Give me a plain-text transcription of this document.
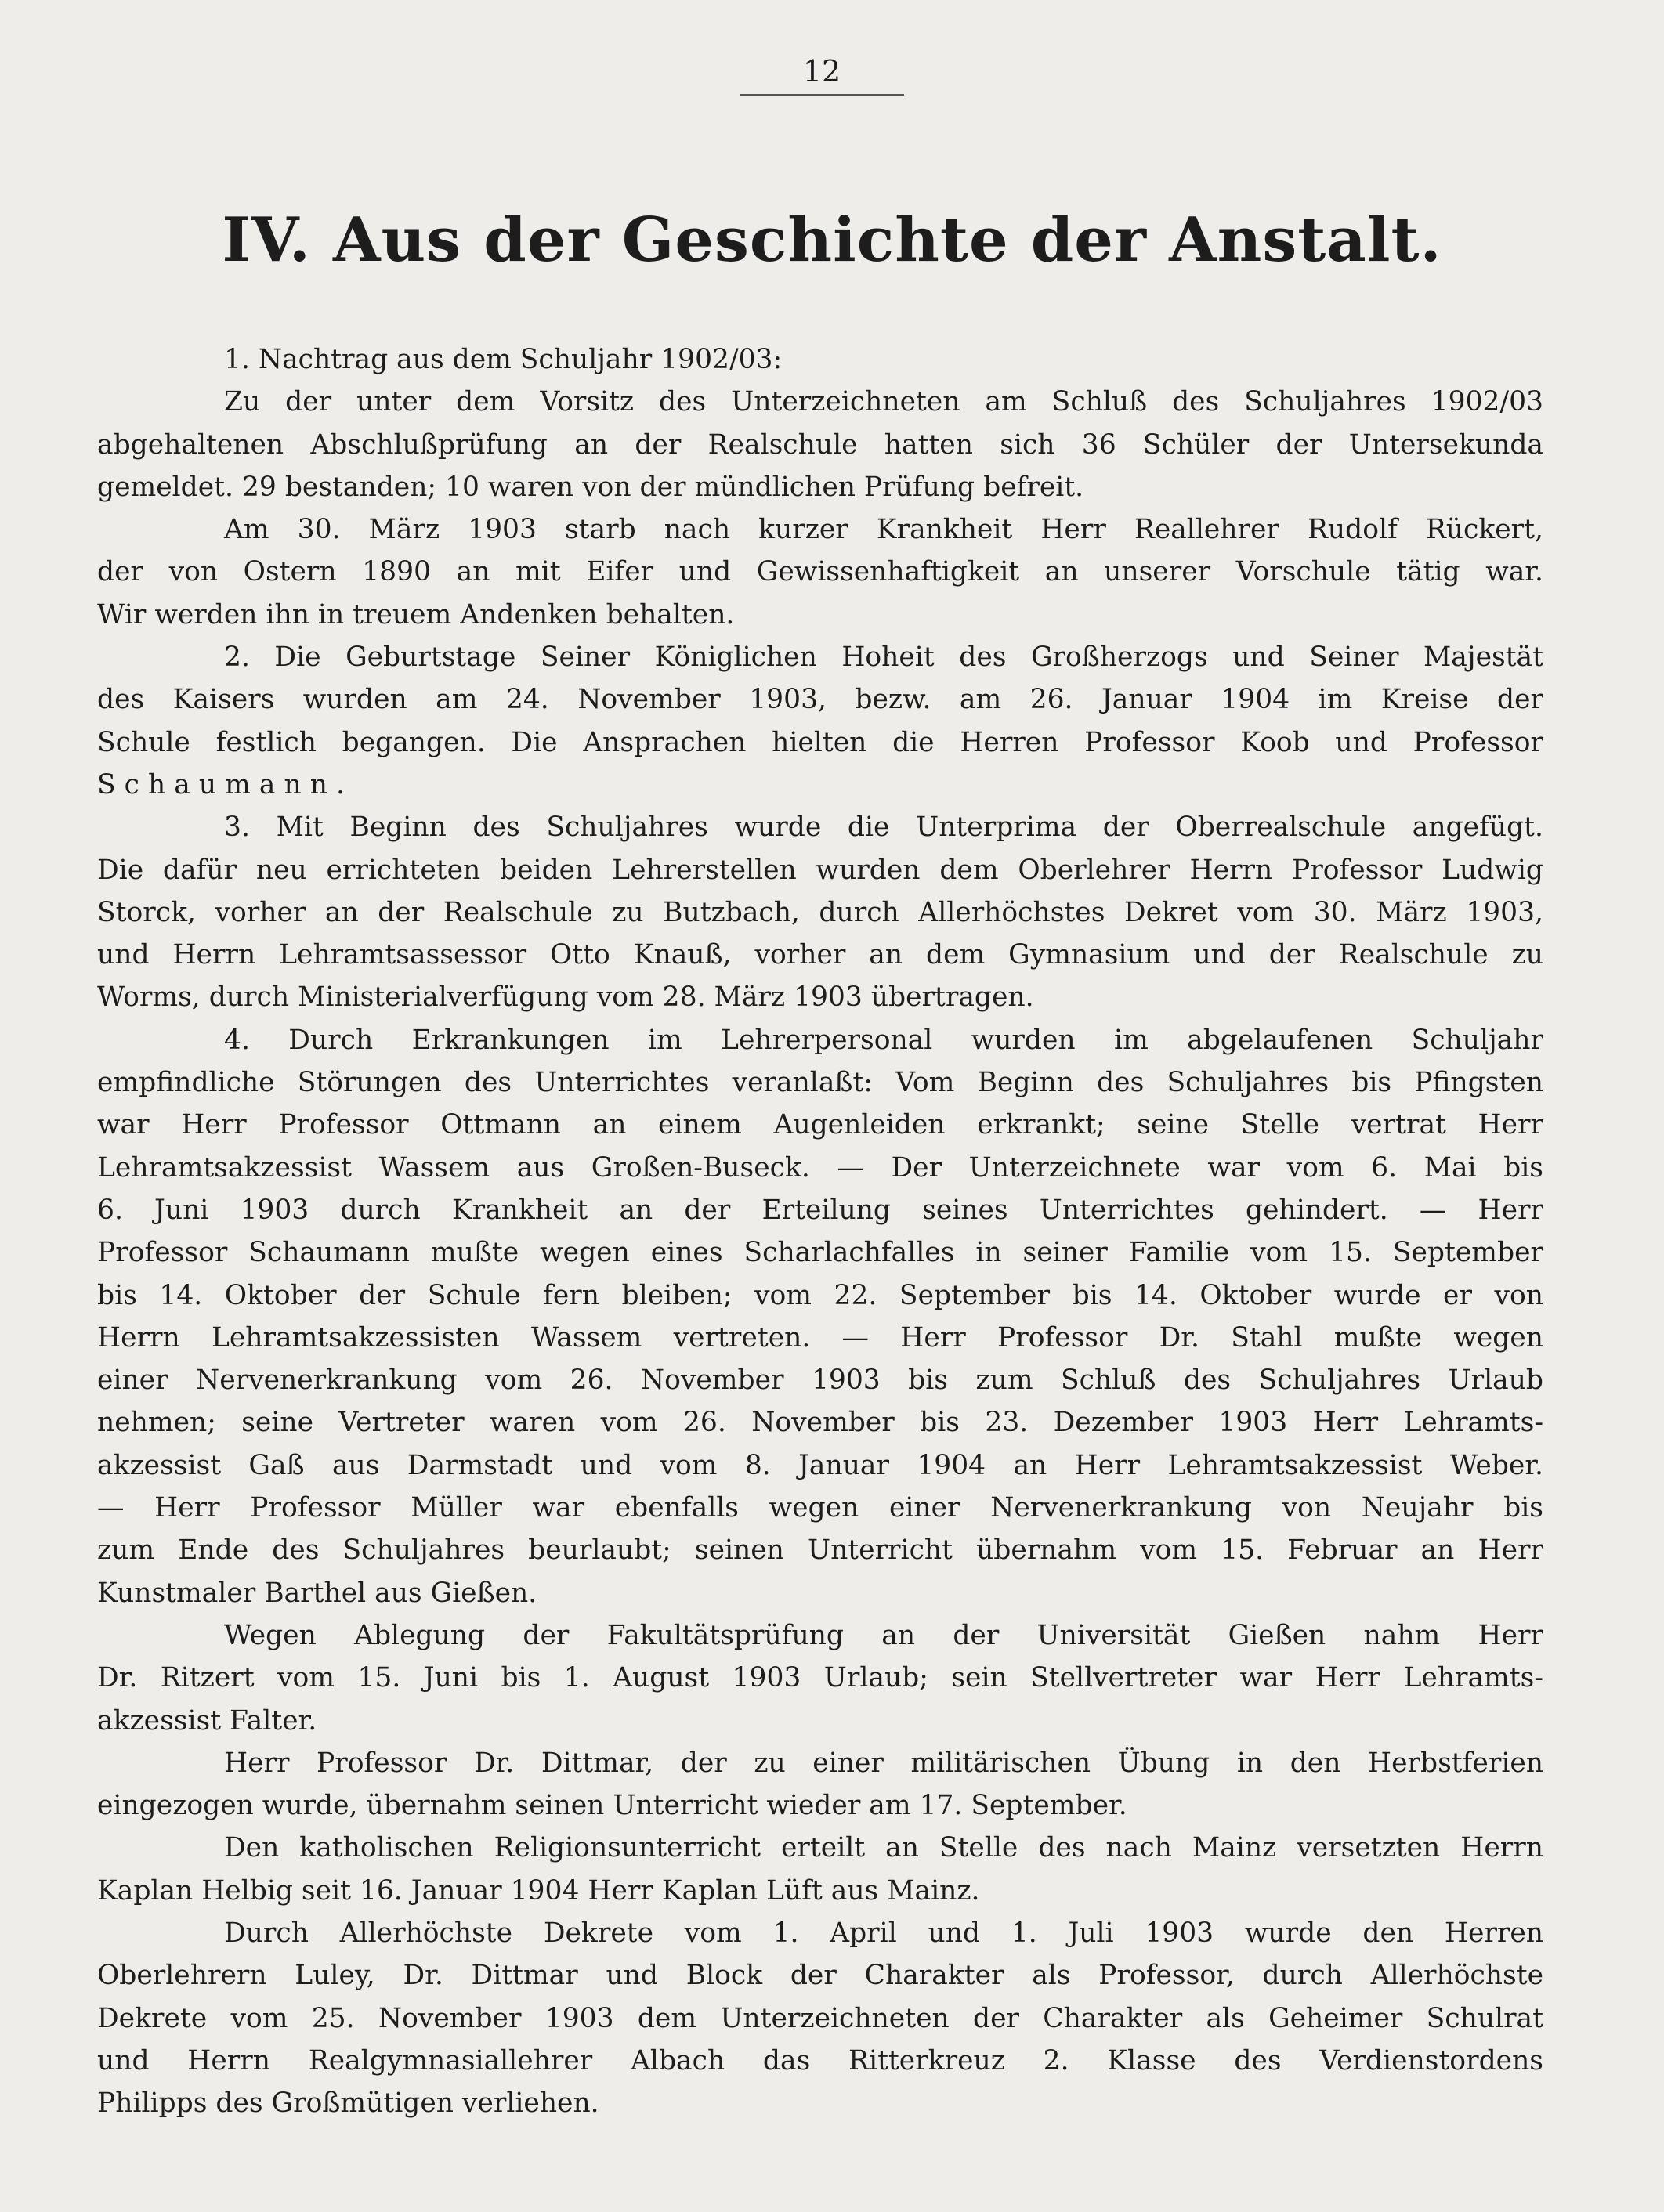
12
IV. Aus der Geschichte der Anstalt.

1. Nachtrag aus dem Schuljahr 1902/03:

Zu der unter dem Vorsitz des Unterzeichneten am Schluß des Schuljahres 1902/03

abgehaltenen Abschlußprüfung an der Realschule hatten sich 36 Schüler der Untersekunda

gemeldet. 29 bestanden; 10 waren von der mündlichen Prüfung befreit.

Am 30. März 1903 starb nach kurzer Krankheit Herr Reallehrer Rudolf Rückert,

der von Ostern 1890 an mit Eifer und Gewissenhaftigkeit an unserer Vorschule tätig war.

Wir werden ihn in treuem Andenken behalten.

2. Die Geburtstage Seiner Königlichen Hoheit des Großherzogs und Seiner Majestät

des Kaisers wurden am 24. November 1903, bezw. am 26. Januar 1904 im Kreise der

Schule festlich begangen. Die Ansprachen hielten die Herren Professor Koob und Professor

Schaumann.

3. Mit Beginn des Schuljahres wurde die Unterprima der Oberrealschule angefügt.

Die dafür neu errichteten beiden Lehrerstellen wurden dem Oberlehrer Herrn Professor Ludwig

Storck, vorher an der Realschule zu Butzbach, durch Allerhöchstes Dekret vom 30. März 1903,

und Herrn Lehramtsassessor Otto Knauß, vorher an dem Gymnasium und der Realschule zu

Worms, durch Ministerialverfügung vom 28. März 1903 übertragen.

4. Durch Erkrankungen im Lehrerpersonal wurden im abgelaufenen Schuljahr

empfindliche Störungen des Unterrichtes veranlaßt: Vom Beginn des Schuljahres bis Pfingsten

war Herr Professor Ottmann an einem Augenleiden erkrankt; seine Stelle vertrat Herr

Lehramtsakzessist Wassem aus Großen-Buseck. — Der Unterzeichnete war vom 6. Mai bis

6. Juni 1903 durch Krankheit an der Erteilung seines Unterrichtes gehindert. — Herr

Professor Schaumann mußte wegen eines Scharlachfalles in seiner Familie vom 15. September

bis 14. Oktober der Schule fern bleiben; vom 22. September bis 14. Oktober wurde er von

Herrn Lehramtsakzessisten Wassem vertreten. — Herr Professor Dr. Stahl mußte wegen

einer Nervenerkrankung vom 26. November 1903 bis zum Schluß des Schuljahres Urlaub

nehmen; seine Vertreter waren vom 26. November bis 23. Dezember 1903 Herr Lehramts-

akzessist Gaß aus Darmstadt und vom 8. Januar 1904 an Herr Lehramtsakzessist Weber.

— Herr Professor Müller war ebenfalls wegen einer Nervenerkrankung von Neujahr bis

zum Ende des Schuljahres beurlaubt; seinen Unterricht übernahm vom 15. Februar an Herr

Kunstmaler Barthel aus Gießen.

Wegen Ablegung der Fakultätsprüfung an der Universität Gießen nahm Herr

Dr. Ritzert vom 15. Juni bis 1. August 1903 Urlaub; sein Stellvertreter war Herr Lehramts-

akzessist Falter.

Herr Professor Dr. Dittmar, der zu einer militärischen Übung in den Herbstferien

eingezogen wurde, übernahm seinen Unterricht wieder am 17. September.

Den katholischen Religionsunterricht erteilt an Stelle des nach Mainz versetzten Herrn

Kaplan Helbig seit 16. Januar 1904 Herr Kaplan Lüft aus Mainz.

Durch Allerhöchste Dekrete vom 1. April und 1. Juli 1903 wurde den Herren

Oberlehrern Luley, Dr. Dittmar und Block der Charakter als Professor, durch Allerhöchste

Dekrete vom 25. November 1903 dem Unterzeichneten der Charakter als Geheimer Schulrat

und Herrn Realgymnasiallehrer Albach das Ritterkreuz 2. Klasse des Verdienstordens

Philipps des Großmütigen verliehen.
